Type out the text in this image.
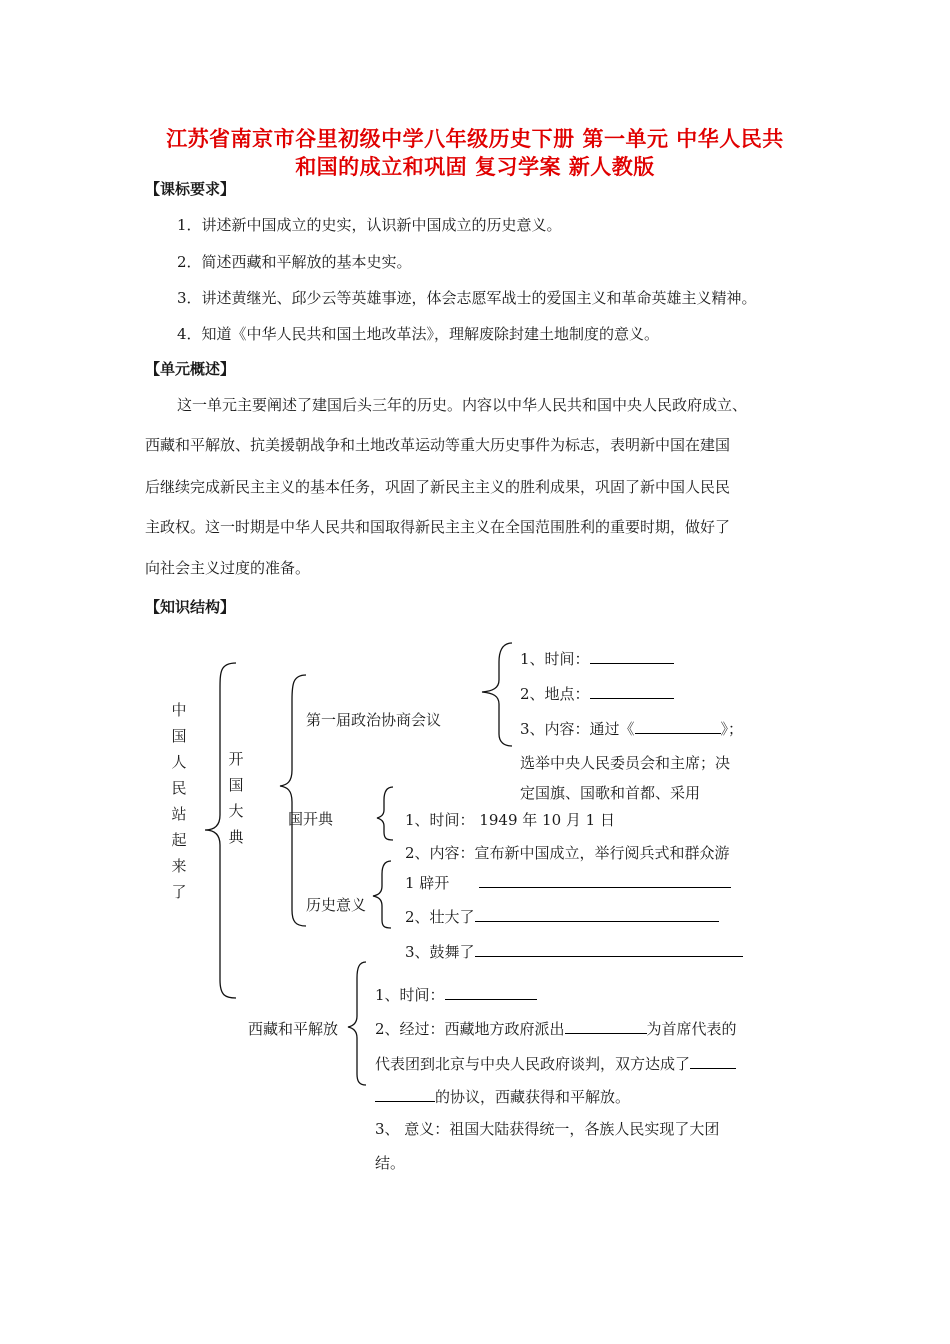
江苏省南京市谷里初级中学八年级历史下册 第一单元 中华人民共
和国的成立和巩固 复习学案 新人教版
【课标要求】
1．讲述新中国成立的史实，认识新中国成立的历史意义。
2．简述西藏和平解放的基本史实。
3．讲述黄继光、邱少云等英雄事迹，体会志愿军战士的爱国主义和革命英雄主义精神。
4．知道《中华人民共和国土地改革法》，理解废除封建土地制度的意义。
【单元概述】
这一单元主要阐述了建国后头三年的历史。内容以中华人民共和国中央人民政府成立、
西藏和平解放、抗美援朝战争和土地改革运动等重大历史事件为标志，表明新中国在建国
后继续完成新民主主义的基本任务，巩固了新民主主义的胜利成果，巩固了新中国人民民
主政权。这一时期是中华人民共和国取得新民主主义在全国范围胜利的重要时期，做好了
向社会主义过度的准备。
【知识结构】
中国人民站起来了
开国大典
第一届政治协商会议
1、时间：
2、地点：
3、内容：通过《	》；
选举中央人民委员会和主席；决
定国旗、国歌和首都、采用
国开典	1、时间： 1949 年 10 月 1 日
2、内容：宣布新中国成立，举行阅兵式和群众游
历史意义
1 辟开
2、壮大了
3、鼓舞了
西藏和平解放
1、时间：
2、经过：西藏地方政府派出	为首席代表的
代表团到北京与中央人民政府谈判，双方达成了
的协议，西藏获得和平解放。
3、 意义：祖国大陆获得统一，各族人民实现了大团
结。
